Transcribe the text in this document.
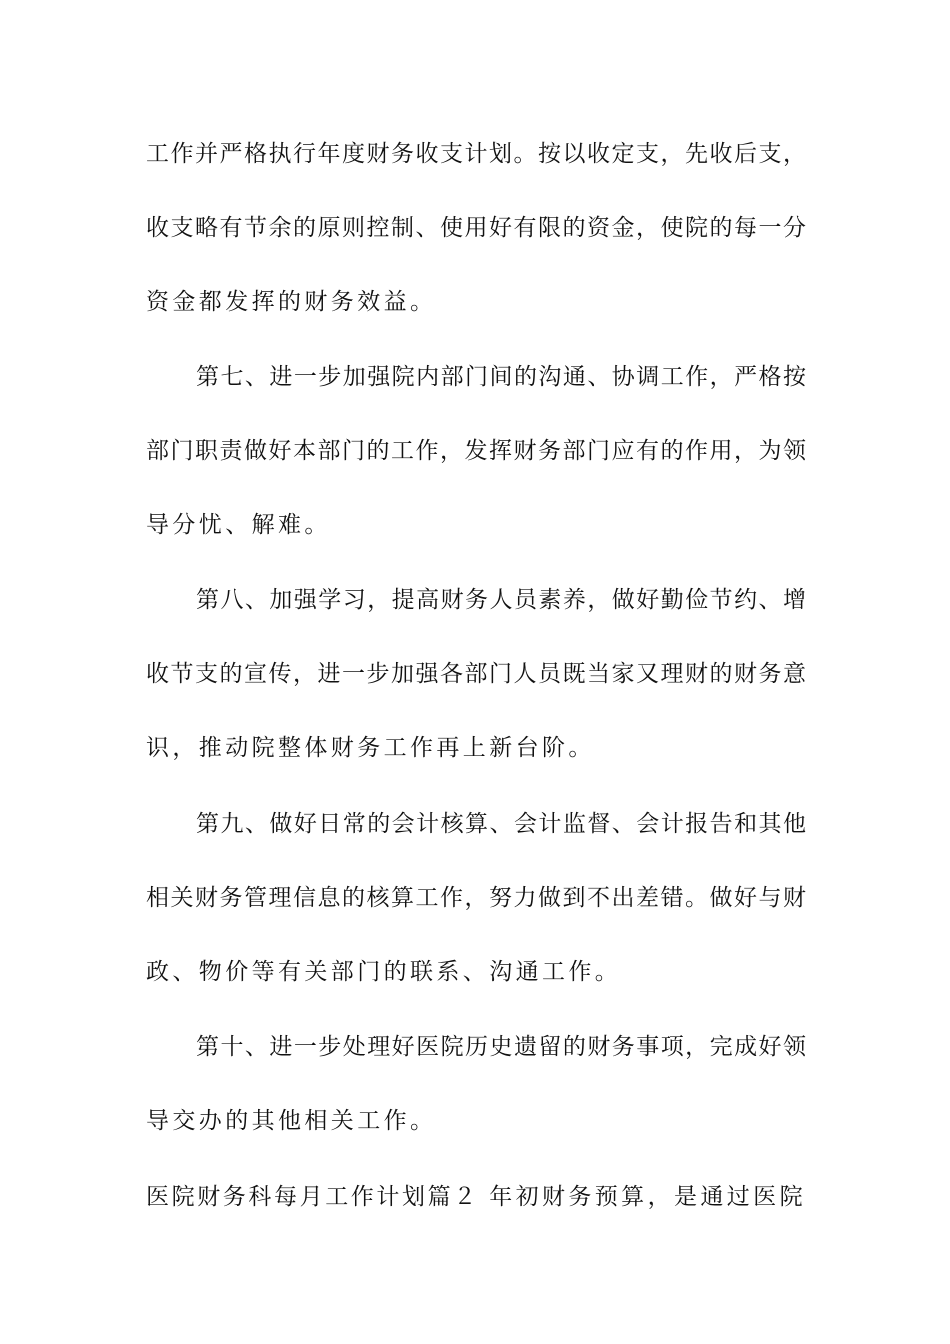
工作并严格执行年度财务收支计划。按以收定支，先收后支，
收支略有节余的原则控制、使用好有限的资金，使院的每一分
资金都发挥的财务效益。
第七、进一步加强院内部门间的沟通、协调工作，严格按
部门职责做好本部门的工作，发挥财务部门应有的作用，为领
导分忧、解难。
第八、加强学习，提高财务人员素养，做好勤俭节约、增
收节支的宣传，进一步加强各部门人员既当家又理财的财务意
识，推动院整体财务工作再上新台阶。
第九、做好日常的会计核算、会计监督、会计报告和其他
相关财务管理信息的核算工作，努力做到不出差错。做好与财
政、物价等有关部门的联系、沟通工作。
第十、进一步处理好医院历史遗留的财务事项，完成好领
导交办的其他相关工作。
医院财务科每月工作计划篇２ 年初财务预算，是通过医院
